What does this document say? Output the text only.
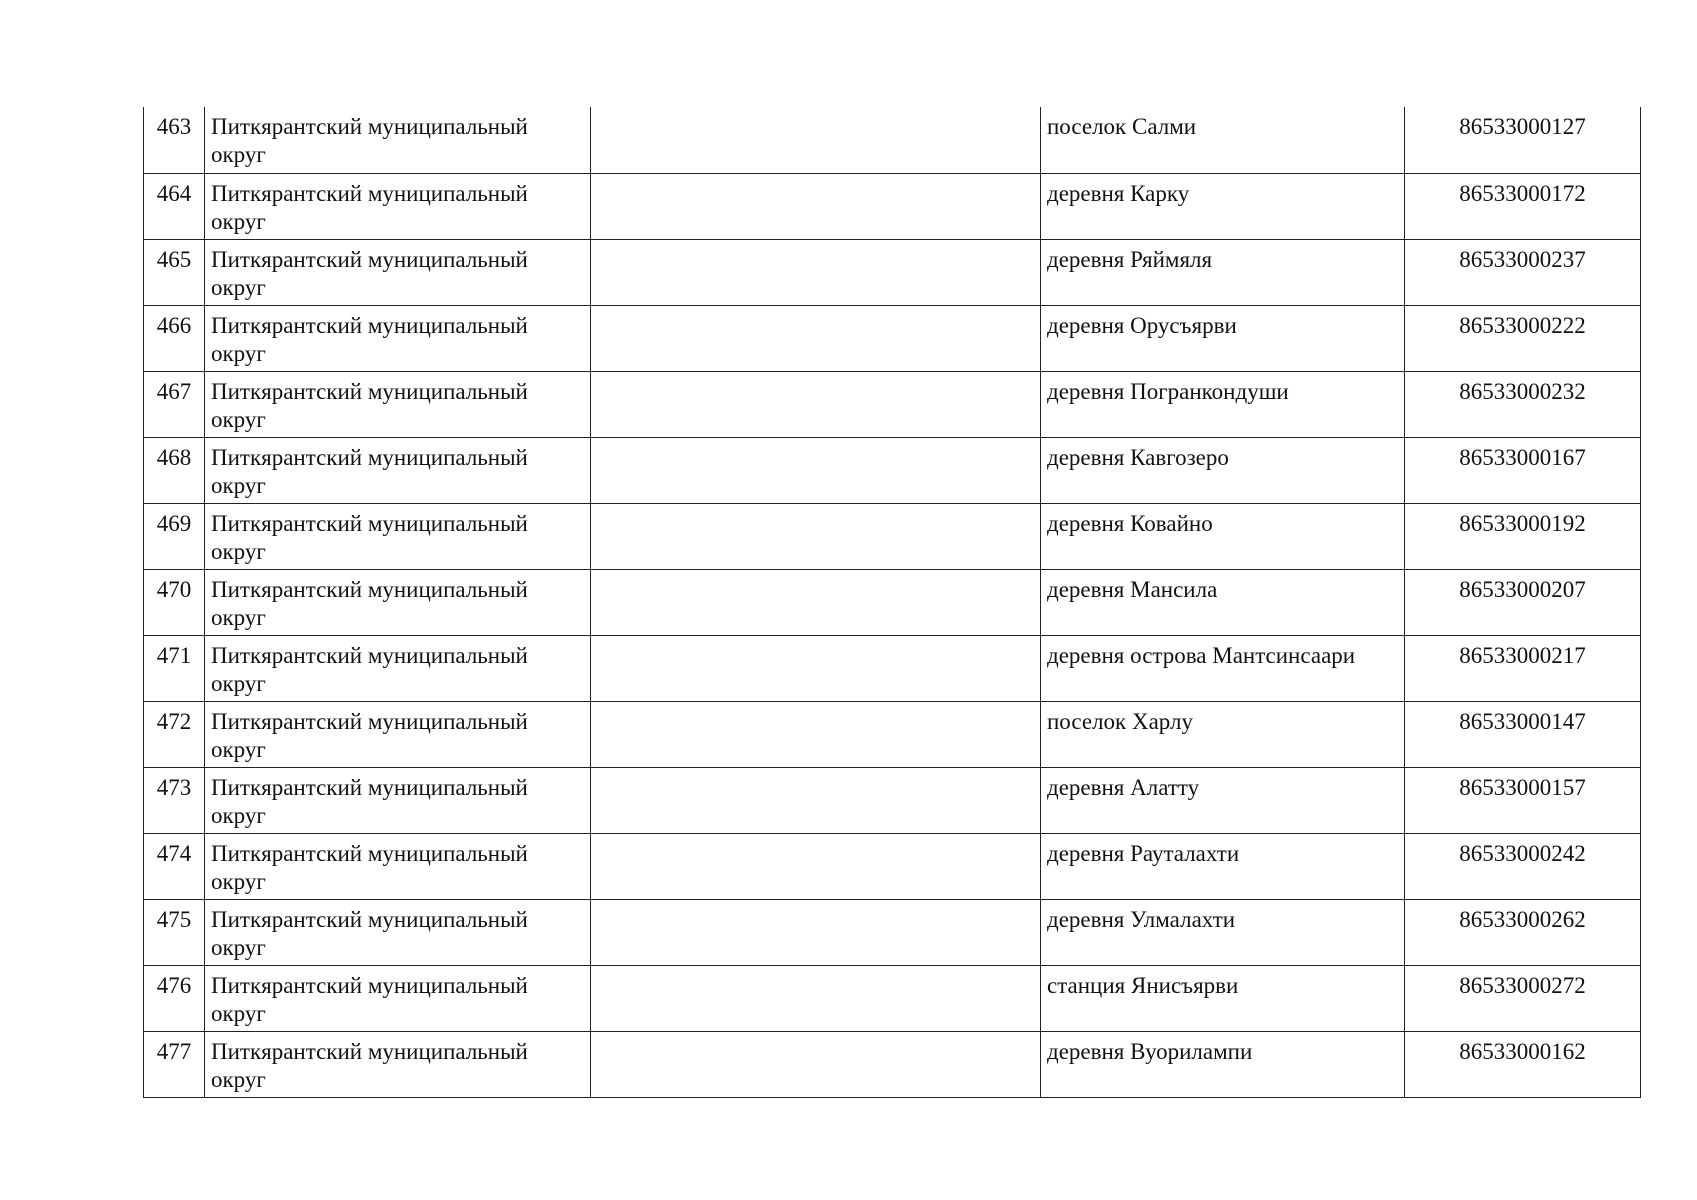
463	Питкярантский муниципальный округ		поселок Салми	86533000127
464	Питкярантский муниципальный округ		деревня Карку	86533000172
465	Питкярантский муниципальный округ		деревня Ряймяля	86533000237
466	Питкярантский муниципальный округ		деревня Орусъярви	86533000222
467	Питкярантский муниципальный округ		деревня Погранкондуши	86533000232
468	Питкярантский муниципальный округ		деревня Кавгозеро	86533000167
469	Питкярантский муниципальный округ		деревня Ковайно	86533000192
470	Питкярантский муниципальный округ		деревня Мансила	86533000207
471	Питкярантский муниципальный округ		деревня острова Мантсинсаари	86533000217
472	Питкярантский муниципальный округ		поселок Харлу	86533000147
473	Питкярантский муниципальный округ		деревня Алатту	86533000157
474	Питкярантский муниципальный округ		деревня Рауталахти	86533000242
475	Питкярантский муниципальный округ		деревня Улмалахти	86533000262
476	Питкярантский муниципальный округ		станция Янисъярви	86533000272
477	Питкярантский муниципальный округ		деревня Вуорилампи	86533000162
